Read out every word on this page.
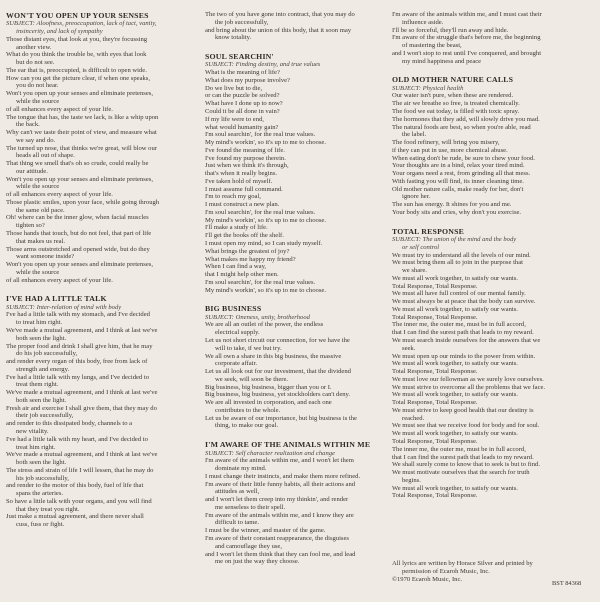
WON'T YOU OPEN UP YOUR SENSES
SUBJECT: Aloofness, preoccupation, lack of tact, vanity,
insincerity, and lack of sympathy
Those distant eyes, that look at you, they're focussing
another view.
What do you think the trouble be, with eyes that look
but do not see.
The ear that is, preoccupied, is difficult to open wide.
How can you get the picture clear, if when one speaks,
you do not hear.
Won't you open up your senses and eliminate pretenses,
while the source
of all enhances every aspect of your life.
The tongue that has, the taste we lack, is like a whip upon
the back.
Why can't we taste their point of view, and measure what
we say and do.
The turned up nose, that thinks we're great, will blow our
heads all out of shape.
That thing we smell that's oh so crude, could really be
our attitude.
Won't you open up your senses and eliminate pretenses,
while the source
of all enhances every aspect of your life.
Those plastic smiles, upon your face, while going through
the same old pace.
Oh! where can be the inner glow, when facial muscles
tighten so?
Those hands that touch, but do not feel, that part of life
that makes us real.
Those arms outstretched and opened wide, but do they
want someone inside?
Won't you open up your senses and eliminate pretenses,
while the source
of all enhances every aspect of your life.
I'VE HAD A LITTLE TALK
SUBJECT: Inter-relation of mind with body
I've had a little talk with my stomach, and I've decided
to treat him right.
We've made a mutual agreement, and I think at last we've
both seen the light.
The proper food and drink I shall give him, that he may
do his job successfully,
and render every organ of this body, free from lack of
strength and energy.
I've had a little talk with my lungs, and I've decided to
treat them right.
We've made a mutual agreement, and I think at last we've
both seen the light.
Fresh air and exercise I shall give them, that they may do
their job successfully,
and render to this dissipated body, channels to a
new vitality.
I've had a little talk with my heart, and I've decided to
treat him right.
We've made a mutual agreement, and I think at last we've
both seen the light.
The stress and strain of life I will lessen, that he may do
his job successfully,
and render to the motor of this body, fuel of life that
spans the arteries.
So have a little talk with your organs, and you will find
that they treat you right.
Just make a mutual agreement, and there never shall
cuss, fuss or fight.
The two of you have gone into contract, that you may do
the job successfully,
and bring about the union of this body, that it soon may
know totality.
SOUL SEARCHIN'
SUBJECT: Finding destiny, and true values
What is the meaning of life?
What does my purpose involve?
Do we live but to die,
or can the puzzle be solved?
What have I done up to now?
Could it be all done in vain?
If my life were to end,
what would humanity gain?
I'm soul searchin', for the real true values.
My mind's workin', so it's up to me to choose.
I've found the meaning of life.
I've found my purpose therein.
Just when we think it's through,
that's when it really begins.
I've taken hold of myself.
I must assume full command.
I'm to reach my goal,
I must construct a new plan.
I'm soul searchin', for the real true values.
My mind's workin', so it's up to me to choose.
I'll make a study of life.
I'll get the books off the shelf.
I must open my mind, so I can study myself.
What brings the greatest of joy?
What makes me happy my friend?
When I can find a way,
that I might help other men.
I'm soul searchin', for the real true values.
My mind's workin', so it's up to me to choose.
BIG BUSINESS
SUBJECT: Oneness, unity, brotherhood
We are all an outlet of the power, the endless
electrical supply.
Let us not short circuit our connection, for we have the
will to take, if we but try.
We all own a share in this big business, the massive
corporate affair.
Let us all look out for our investment, that the dividend
we seek, will soon be there.
Big business, big business, bigger than you or I.
Big business, big business, yet stockholders can't deny.
We are all invested in corporation, and each one
contributes to the whole.
Let us be aware of our importance, but big business is the
thing, to make our goal.
I'M AWARE OF THE ANIMALS WITHIN ME
SUBJECT: Self character realization and change
I'm aware of the animals within me, and I won't let them
dominate my mind.
I must change their instincts, and make them more refined.
I'm aware of their little funny habits, all their actions and
attitudes as well,
and I won't let them creep into my thinkin', and render
me senseless to their spell.
I'm aware of the animals within me, and I know they are
difficult to tame.
I must be the winner, and master of the game.
I'm aware of their constant reappearance, the disguises
and camouflage they use,
and I won't let them think that they can fool me, and lead
me on just the way they choose.
I'm aware of the animals within me, and I must cast their
influence aside.
I'll be so forceful, they'll run away and hide.
I'm aware of the struggle that's before me, the beginning
of mastering the beast,
and I won't stop to rest until I've conquered, and brought
my mind happiness and peace
OLD MOTHER NATURE CALLS
SUBJECT: Physical health
Our water isn't pure, when these are rendered.
The air we breathe so free, is treated chemically.
The food we eat today, is filled with toxic spray.
The hormones that they add, will slowly drive you mad.
The natural foods are best, so when you're able, read
the label.
The food refinery, will bring you misery,
if they can put in use, more chemical abuse.
When eating don't be rude, be sure to chew your food.
Your thoughts are in a bind, relax your tired mind.
Your organs need a rest, from grinding all that mess.
With fasting you will find, its inner cleaning time.
Old mother nature calls, make ready for her, don't
ignore her.
The sun has energy. It shines for you and me.
Your body sits and cries, why don't you exercise.
TOTAL RESPONSE
SUBJECT: The union of the mind and the body
or self control
We must try to understand all the levels of our mind.
We must bring them all to join in the purpose that
we share.
We must all work together, to satisfy our wants.
Total Response, Total Response.
We must all have full control of our mental family.
We must always be at peace that the body can survive.
We must all work together, to satisfy our wants.
Total Response, Total Response.
The inner me, the outer me, must be in full accord,
that I can find the surest path that leads to my reward.
We must search inside ourselves for the answers that we
seek.
We must open up our minds to the power from within.
We must all work together, to satisfy our wants.
Total Response, Total Response.
We must love our fellowman as we surely love ourselves.
We must strive to overcome all the problems that we face.
We must all work together, to satisfy our wants.
Total Response, Total Response.
We must strive to keep good health that our destiny is
reached.
We must see that we receive food for body and for soul.
We must all work together, to satisfy our wants.
Total Response, Total Response.
The inner me, the outer me, must be in full accord,
that I can find the surest path that leads to my reward.
We shall surely come to know that to seek is but to find.
We must motivate ourselves that the search for truth
begins.
We must all work together, to satisfy our wants.
Total Response, Total Response.
All lyrics are written by Horace Silver and printed by
permission of Ecaroh Music, Inc.
©1970 Ecaroh Music, Inc.
BST 84368
